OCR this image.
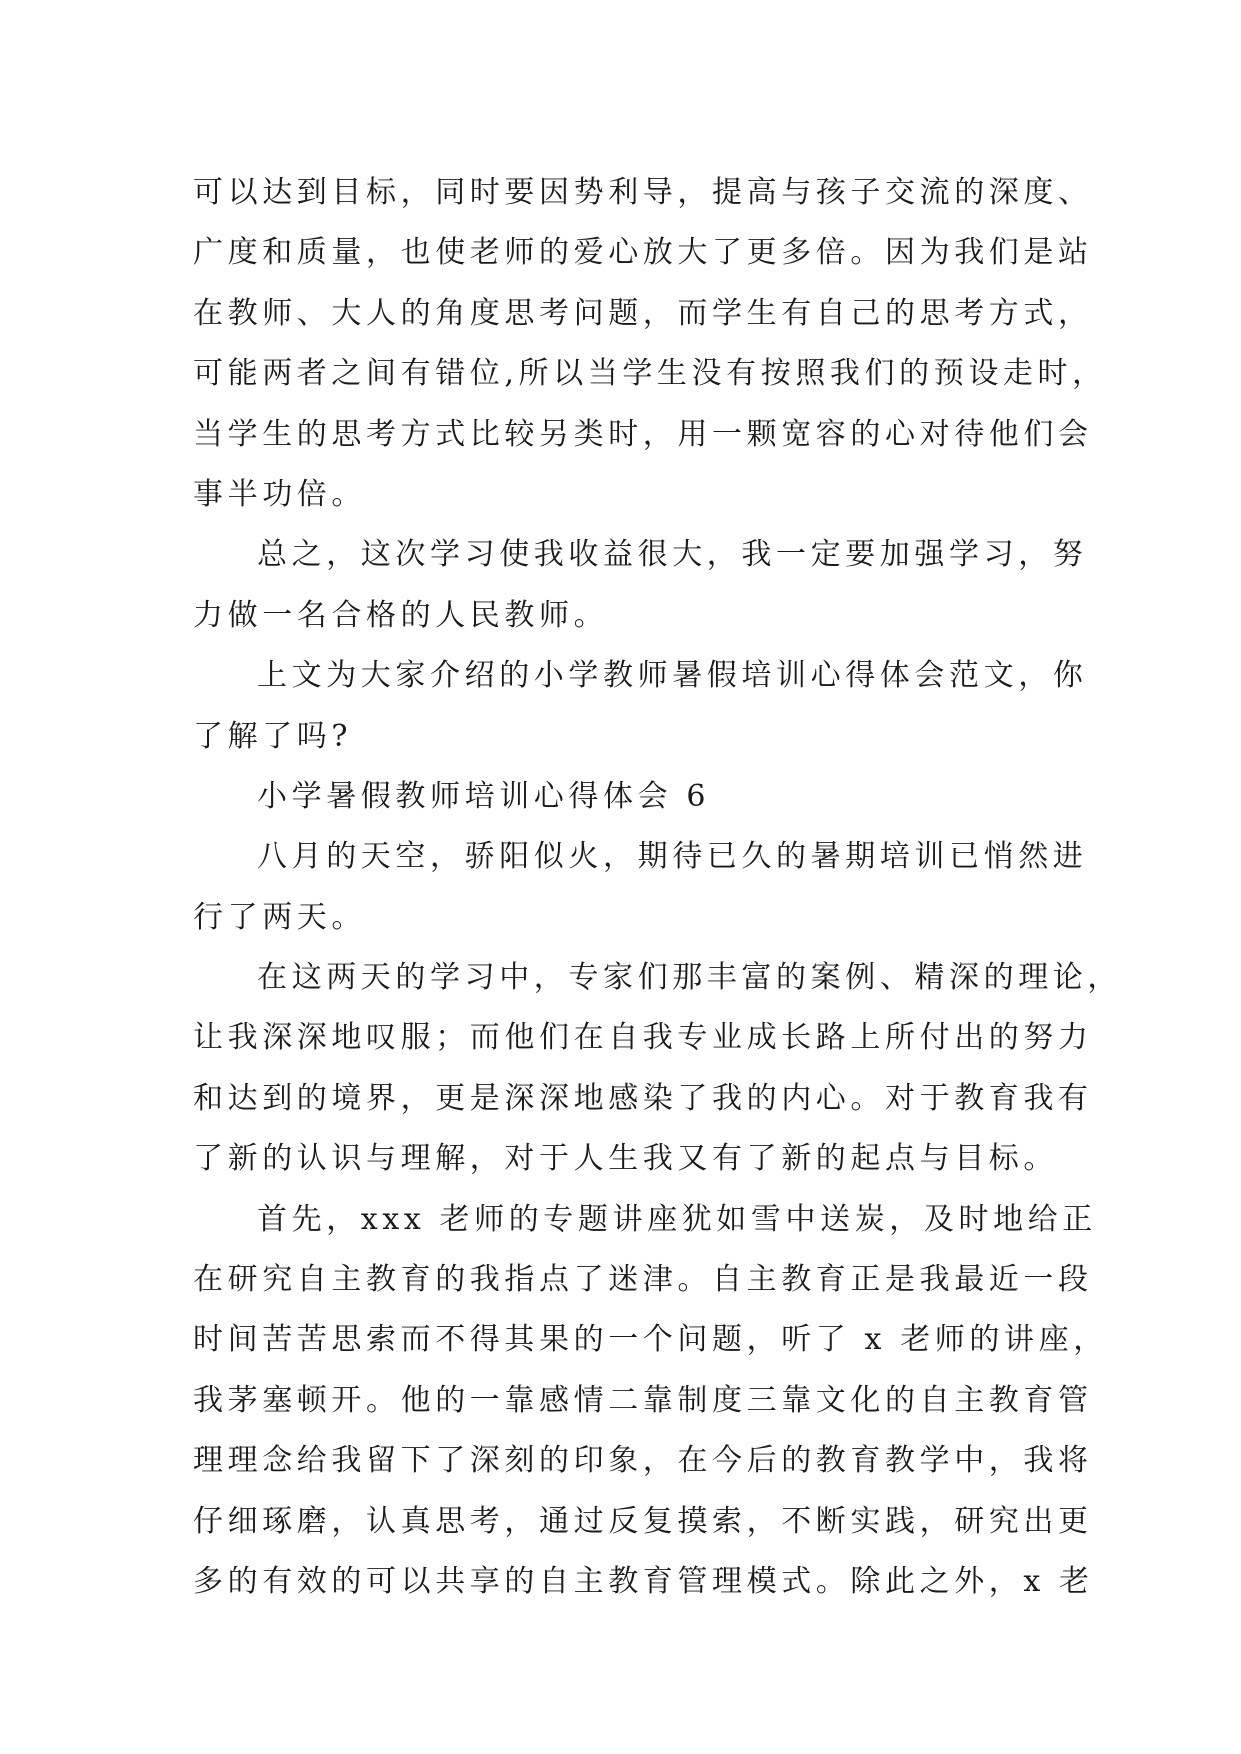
可以达到目标，同时要因势利导，提高与孩子交流的深度、
广度和质量，也使老师的爱心放大了更多倍。因为我们是站
在教师、大人的角度思考问题，而学生有自己的思考方式，
可能两者之间有错位,所以当学生没有按照我们的预设走时，
当学生的思考方式比较另类时，用一颗宽容的心对待他们会
事半功倍。
总之，这次学习使我收益很大，我一定要加强学习，努
力做一名合格的人民教师。
上文为大家介绍的小学教师暑假培训心得体会范文，你
了解了吗?
小学暑假教师培训心得体会 6
八月的天空，骄阳似火，期待已久的暑期培训已悄然进
行了两天。
在这两天的学习中，专家们那丰富的案例、精深的理论，
让我深深地叹服；而他们在自我专业成长路上所付出的努力
和达到的境界，更是深深地感染了我的内心。对于教育我有
了新的认识与理解，对于人生我又有了新的起点与目标。
首先，xxx 老师的专题讲座犹如雪中送炭，及时地给正
在研究自主教育的我指点了迷津。自主教育正是我最近一段
时间苦苦思索而不得其果的一个问题，听了 x 老师的讲座，
我茅塞顿开。他的一靠感情二靠制度三靠文化的自主教育管
理理念给我留下了深刻的印象，在今后的教育教学中，我将
仔细琢磨，认真思考，通过反复摸索，不断实践，研究出更
多的有效的可以共享的自主教育管理模式。除此之外，x 老
